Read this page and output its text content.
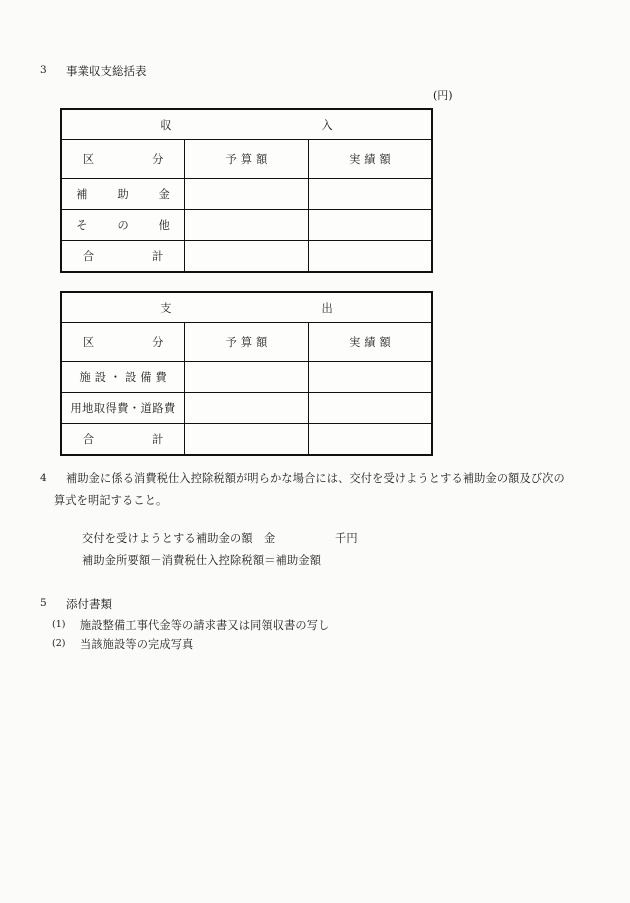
3 事業収支総括表
(円)
収 入		

区 分	予算額	実績額
補 助 金		
そ の 他		
合 計		
支 出		

区 分	予算額	実績額
施設・設備費		
用地取得費・道路費		
合 計		
4 補助金に係る消費税仕入控除税額が明らかな場合には、交付を受けようとする補助金の額及び次の
算式を明記すること。
交付を受けようとする補助金の額 金	千円
補助金所要額－消費税仕入控除税額＝補助金額
5 添付書類
(1) 施設整備工事代金等の請求書又は同領収書の写し
(2) 当該施設等の完成写真
